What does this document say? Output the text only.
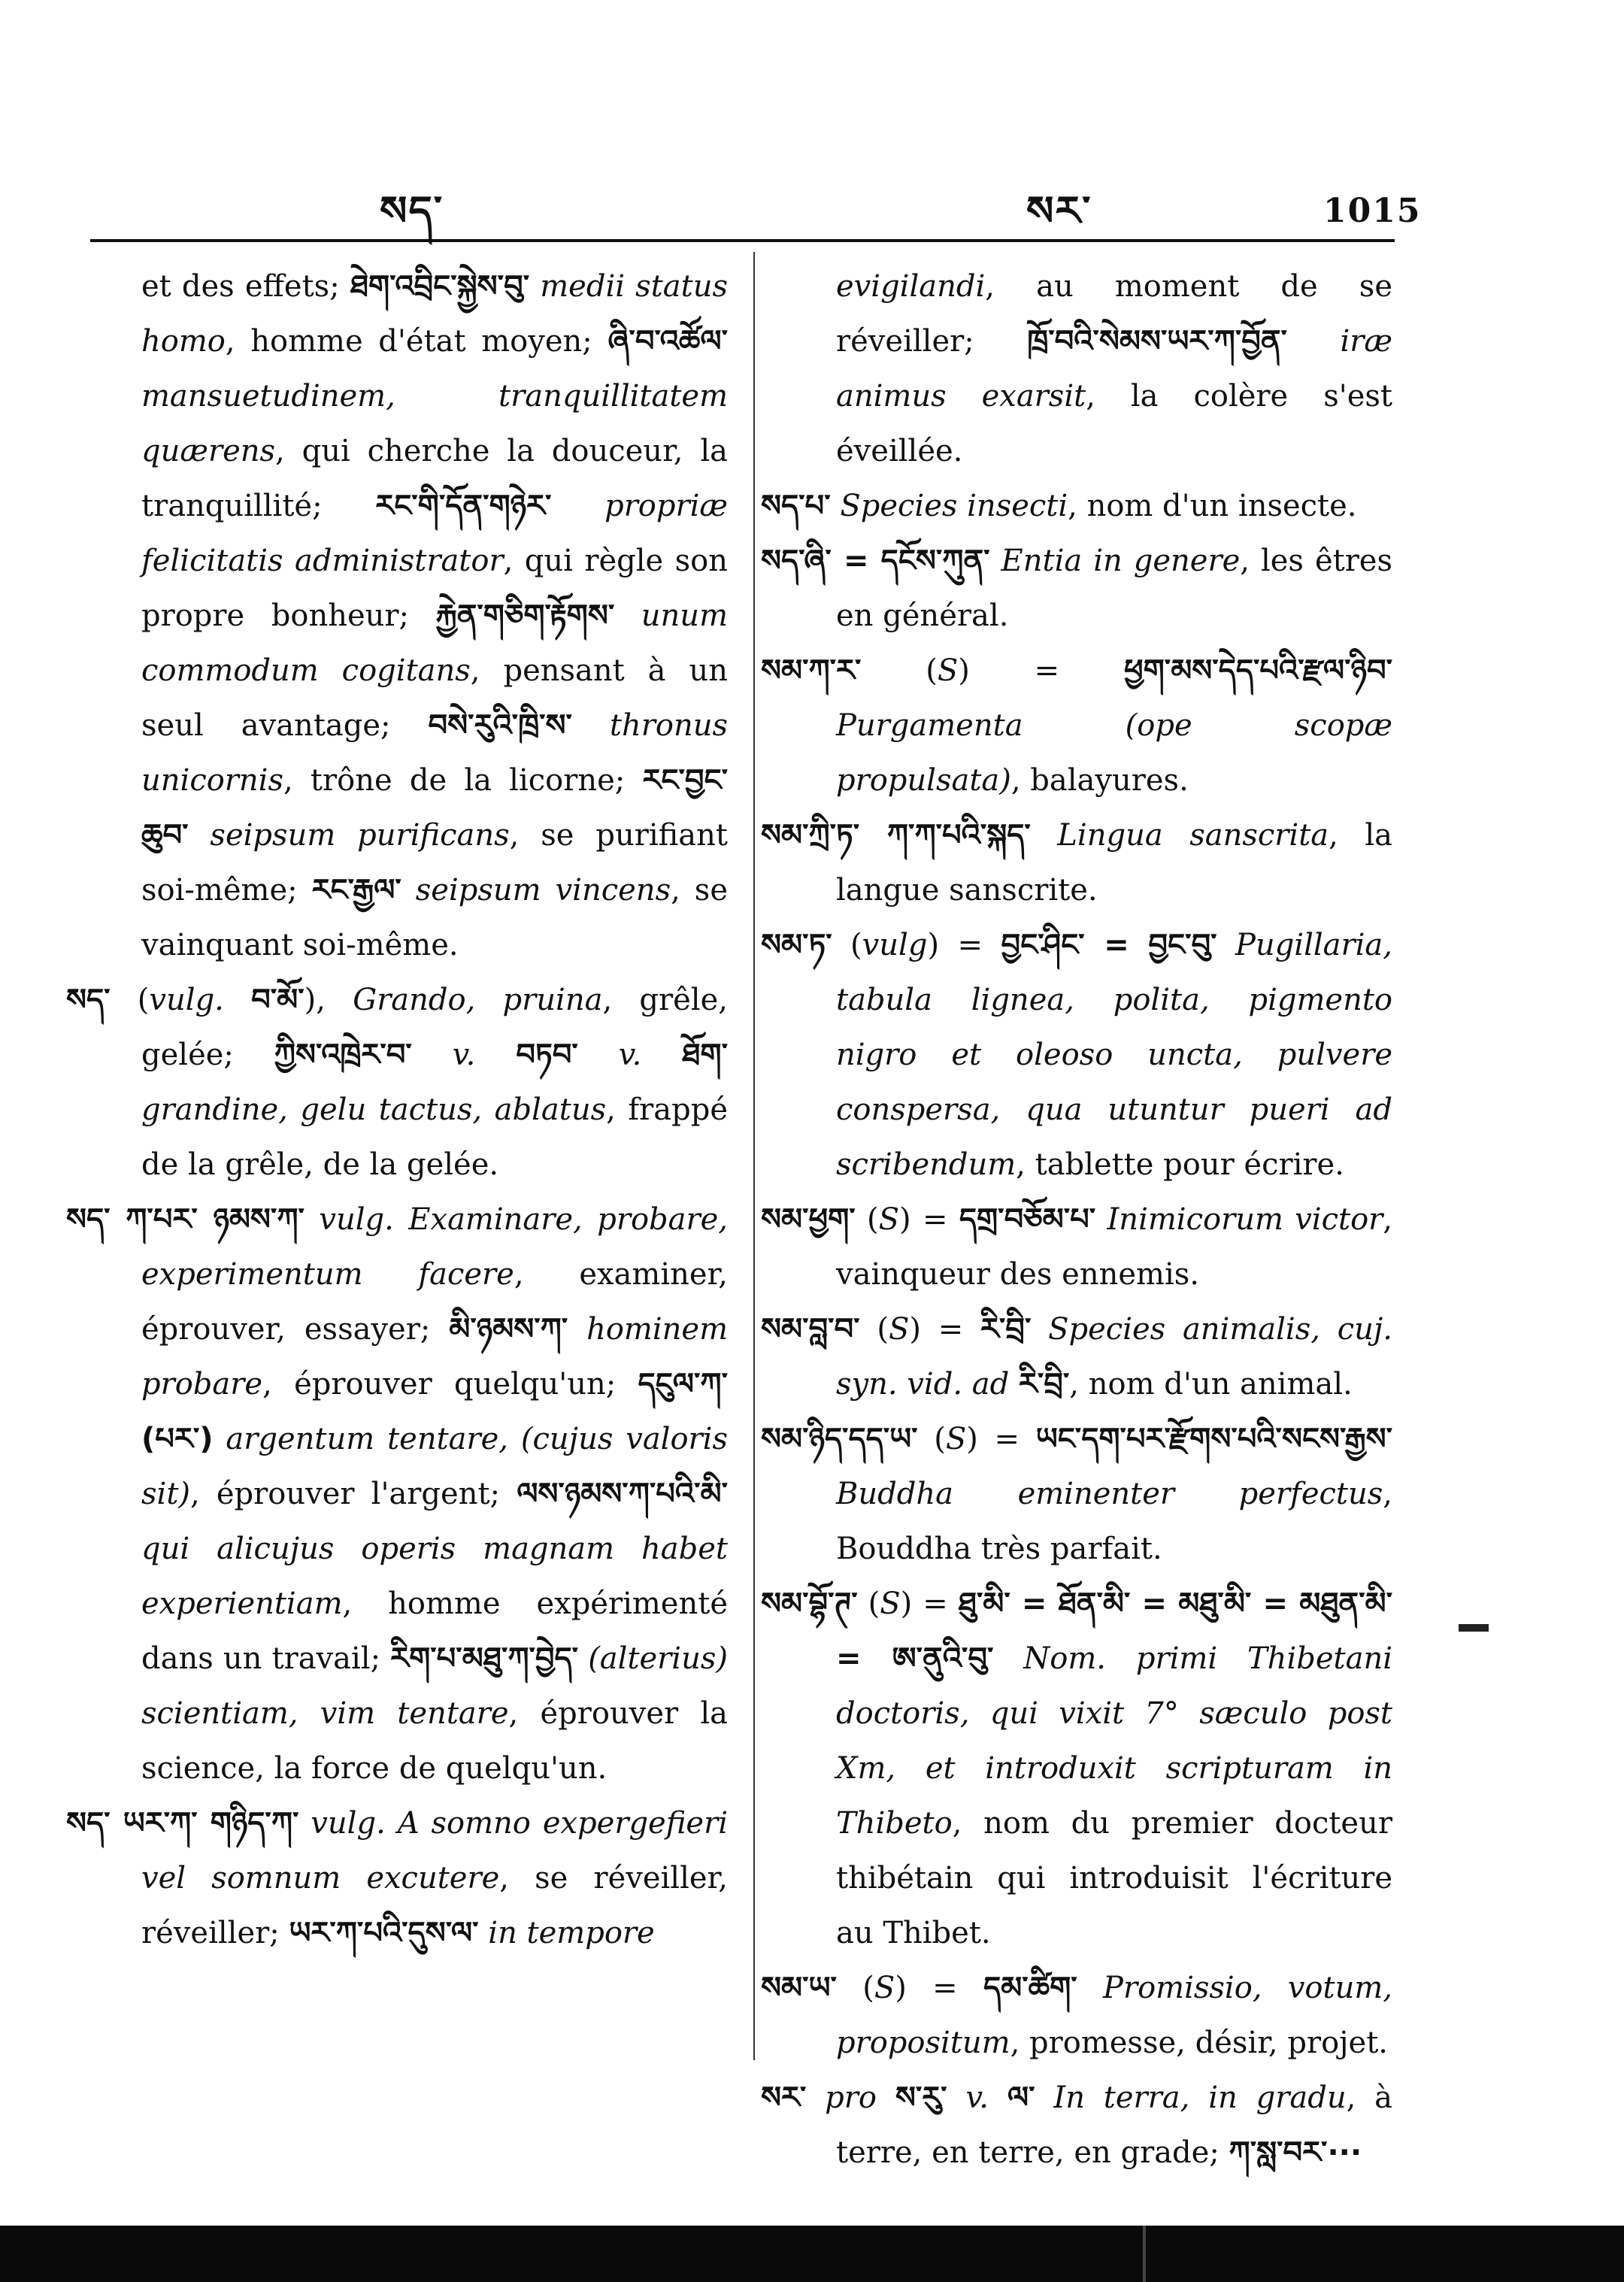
སད་	སར་	1015

et des effets; ཐེག་འབྲིང་སྐྱེས་བུ་ medii status homo, homme d'état moyen; ཞི་བ་འཚོལ་ mansuetudinem, tranquillitatem quærens, qui cherche la douceur, la tranquillité; རང་གི་དོན་གཉེར་ propriæ felicitatis administrator, qui règle son propre bonheur; རྐྱེན་གཅིག་རྟོགས་ unum commodum cogitans, pensant à un seul avantage; བསེ་རུའི་ཁྲི་ས་ thronus unicornis, trône de la licorne; རང་བྱང་ཆུབ་ seipsum purificans, se purifiant soi-même; རང་རྒྱལ་ seipsum vincens, se vainquant soi-même.

སད་ (vulg. བ་མོ་), Grando, pruina, grêle, gelée; ཀྱིས་འཁྲེར་བ་ v. བཏབ་ v. ཐོག་ grandine, gelu tactus, ablatus, frappé de la grêle, de la gelée.

སད་ ཀ་པར་ ཉམས་ཀ་ vulg. Examinare, probare, experimentum facere, examiner, éprouver, essayer; མི་ཉམས་ཀ་ hominem probare, éprouver quelqu'un; དངུལ་ཀ་ (པར་) argentum tentare, (cujus valoris sit), éprouver l'argent; ལས་ཉམས་ཀ་པའི་མི་ qui alicujus operis magnam habet experientiam, homme expérimenté dans un travail; རིག་པ་མཐུ་ཀ་བྱེད་ (alterius) scientiam, vim tentare, éprouver la science, la force de quelqu'un.

སད་ ཡར་ཀ་ གཉིད་ཀ་ vulg. A somno expergefieri vel somnum excutere, se réveiller, réveiller; ཡར་ཀ་པའི་དུས་ལ་ in tempore

evigilandi, au moment de se réveiller; ཁྲོ་བའི་སེམས་ཡར་ཀ་བྱོན་ iræ animus exarsit, la colère s'est éveillée.

སད་པ་ Species insecti, nom d'un insecte.

སད་ཞི་ = དངོས་ཀུན་ Entia in genere, les êtres en général.

སམ་ཀ་ར་ (S) = ཕྱག་མས་དེད་པའི་རྫལ་ཉིབ་ Purgamenta (ope scopæ propulsata), balayures.

སམ་ཀྲི་ཏ་ ཀ་ཀ་པའི་སྐད་ Lingua sanscrita, la langue sanscrite.

སམ་ཏ་ (vulg) = བྱང་ཤིང་ = བྱང་བུ་ Pugillaria, tabula lignea, polita, pigmento nigro et oleoso uncta, pulvere conspersa, qua utuntur pueri ad scribendum, tablette pour écrire.

སམ་ཕྱག་ (S) = དགྲ་བཅོམ་པ་ Inimicorum victor, vainqueur des ennemis.

སམ་བླ་བ་ (S) = རི་བྲི་ Species animalis, cuj. syn. vid. ad རི་བྲི་, nom d'un animal.

སམ་ཉིད་དད་ཡ་ (S) = ཡང་དག་པར་རྫོགས་པའི་སངས་རྒྱས་ Buddha eminenter perfectus, Bouddha très parfait.

སམ་བྷོ་ཊ་ (S) = ཐུ་མི་ = ཐོན་མི་ = མཐུ་མི་ = མཐུན་མི་ = ཨ་ནུའི་བུ་ Nom. primi Thibetani doctoris, qui vixit 7° sæculo post Xm, et introduxit scripturam in Thibeto, nom du premier docteur thibétain qui introduisit l'écriture au Thibet.

སམ་ཡ་ (S) = དམ་ཚིག་ Promissio, votum, propositum, promesse, désir, projet.

སར་ pro ས་རུ་ v. ལ་ In terra, in gradu, à terre, en terre, en grade; ཀ་སླ་བར་···
